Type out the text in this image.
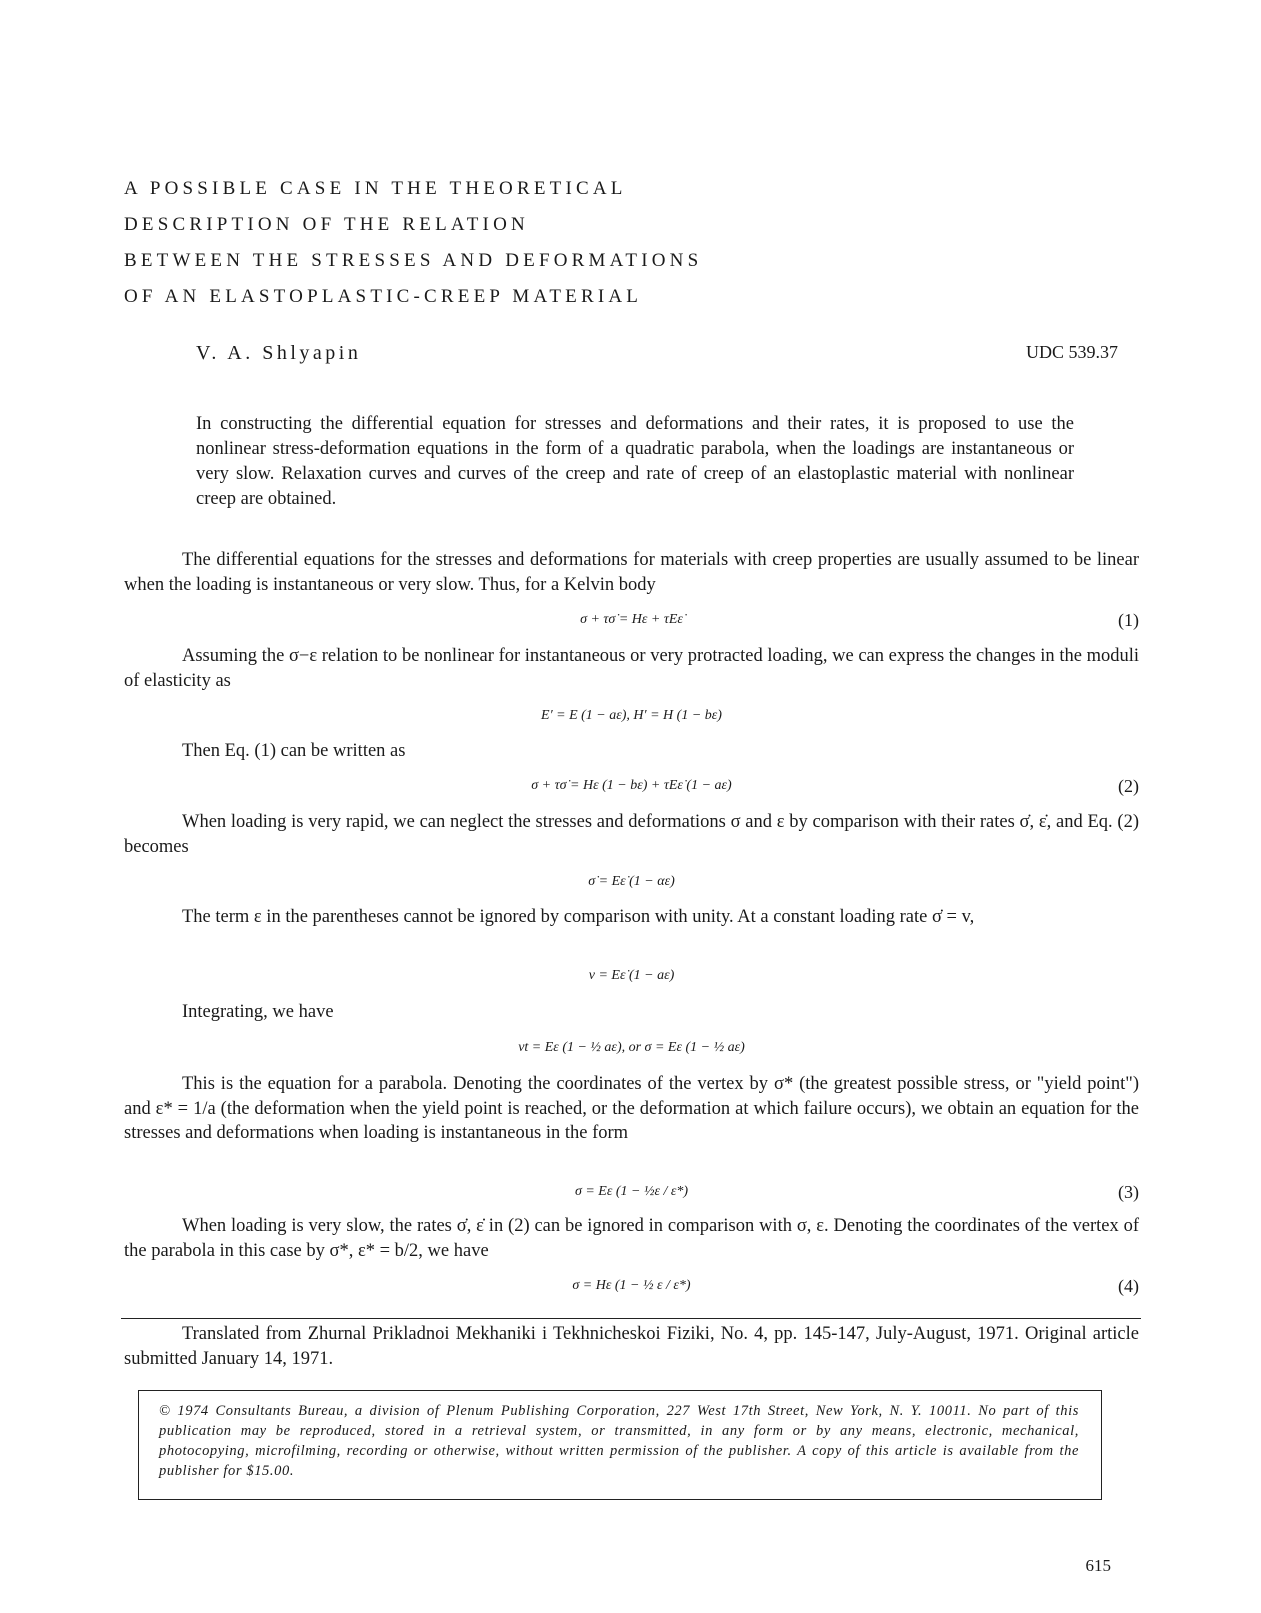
A POSSIBLE CASE IN THE THEORETICAL
DESCRIPTION OF THE RELATION
BETWEEN THE STRESSES AND DEFORMATIONS
OF AN ELASTOPLASTIC-CREEP MATERIAL
V. A. Shlyapin	UDC 539.37
In constructing the differential equation for stresses and deformations and their rates, it is proposed to use the nonlinear stress-deformation equations in the form of a quadratic parabola, when the loadings are instantaneous or very slow. Relaxation curves and curves of the creep and rate of creep of an elastoplastic material with nonlinear creep are obtained.
The differential equations for the stresses and deformations for materials with creep properties are usually assumed to be linear when the loading is instantaneous or very slow. Thus, for a Kelvin body
σ + τσ̇ = Hε + τEε̇	(1)
Assuming the σ−ε relation to be nonlinear for instantaneous or very protracted loading, we can express the changes in the moduli of elasticity as
E′ = E (1 − aε), H′ = H (1 − bε)
Then Eq. (1) can be written as
σ + τσ̇ = Hε (1 − bε) + τEε̇ (1 − aε)	(2)
When loading is very rapid, we can neglect the stresses and deformations σ and ε by comparison with their rates σ̇, ε̇, and Eq. (2) becomes
σ̇ = Eε̇ (1 − αε)
The term ε in the parentheses cannot be ignored by comparison with unity. At a constant loading rate σ̇ = v,
v = Eε̇ (1 − aε)
Integrating, we have
vt = Eε (1 − ½ aε), or σ = Eε (1 − ½ aε)
This is the equation for a parabola. Denoting the coordinates of the vertex by σ* (the greatest possible stress, or "yield point") and ε* = 1/a (the deformation when the yield point is reached, or the deformation at which failure occurs), we obtain an equation for the stresses and deformations when loading is instantaneous in the form
σ = Eε (1 − ½ε / ε*)	(3)
When loading is very slow, the rates σ̇, ε̇ in (2) can be ignored in comparison with σ, ε. Denoting the coordinates of the vertex of the parabola in this case by σ*, ε* = b/2, we have
σ = Hε (1 − ½ ε / ε*)	(4)
Translated from Zhurnal Prikladnoi Mekhaniki i Tekhnicheskoi Fiziki, No. 4, pp. 145-147, July-August, 1971. Original article submitted January 14, 1971.
© 1974 Consultants Bureau, a division of Plenum Publishing Corporation, 227 West 17th Street, New York, N. Y. 10011. No part of this publication may be reproduced, stored in a retrieval system, or transmitted, in any form or by any means, electronic, mechanical, photocopying, microfilming, recording or otherwise, without written permission of the publisher. A copy of this article is available from the publisher for $15.00.
615
